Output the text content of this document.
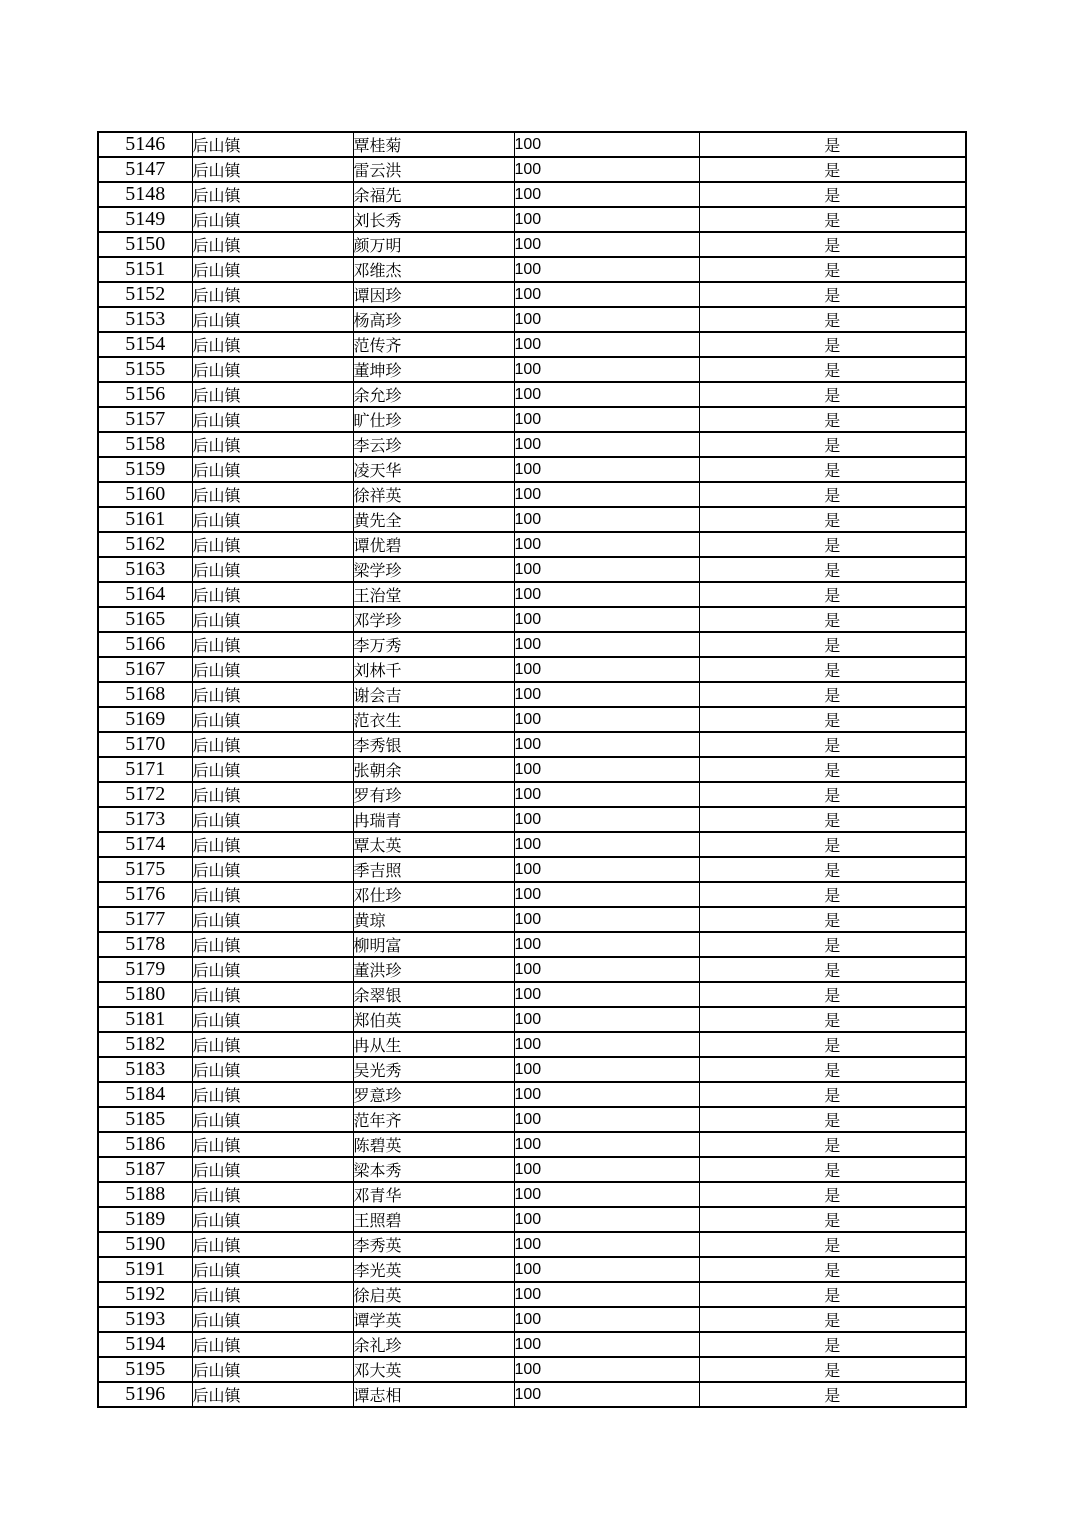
5146	后山镇	覃桂菊	100	是
5147	后山镇	雷云洪	100	是
5148	后山镇	余福先	100	是
5149	后山镇	刘长秀	100	是
5150	后山镇	颜万明	100	是
5151	后山镇	邓维杰	100	是
5152	后山镇	谭因珍	100	是
5153	后山镇	杨高珍	100	是
5154	后山镇	范传齐	100	是
5155	后山镇	董坤珍	100	是
5156	后山镇	余允珍	100	是
5157	后山镇	旷仕珍	100	是
5158	后山镇	李云珍	100	是
5159	后山镇	凌天华	100	是
5160	后山镇	徐祥英	100	是
5161	后山镇	黄先全	100	是
5162	后山镇	谭优碧	100	是
5163	后山镇	梁学珍	100	是
5164	后山镇	王治堂	100	是
5165	后山镇	邓学珍	100	是
5166	后山镇	李万秀	100	是
5167	后山镇	刘林千	100	是
5168	后山镇	谢会吉	100	是
5169	后山镇	范衣生	100	是
5170	后山镇	李秀银	100	是
5171	后山镇	张朝余	100	是
5172	后山镇	罗有珍	100	是
5173	后山镇	冉瑞青	100	是
5174	后山镇	覃太英	100	是
5175	后山镇	季吉照	100	是
5176	后山镇	邓仕珍	100	是
5177	后山镇	黄琼	100	是
5178	后山镇	柳明富	100	是
5179	后山镇	董洪珍	100	是
5180	后山镇	余翠银	100	是
5181	后山镇	郑伯英	100	是
5182	后山镇	冉从生	100	是
5183	后山镇	吴光秀	100	是
5184	后山镇	罗意珍	100	是
5185	后山镇	范年齐	100	是
5186	后山镇	陈碧英	100	是
5187	后山镇	梁本秀	100	是
5188	后山镇	邓青华	100	是
5189	后山镇	王照碧	100	是
5190	后山镇	李秀英	100	是
5191	后山镇	李光英	100	是
5192	后山镇	徐启英	100	是
5193	后山镇	谭学英	100	是
5194	后山镇	余礼珍	100	是
5195	后山镇	邓大英	100	是
5196	后山镇	谭志相	100	是
